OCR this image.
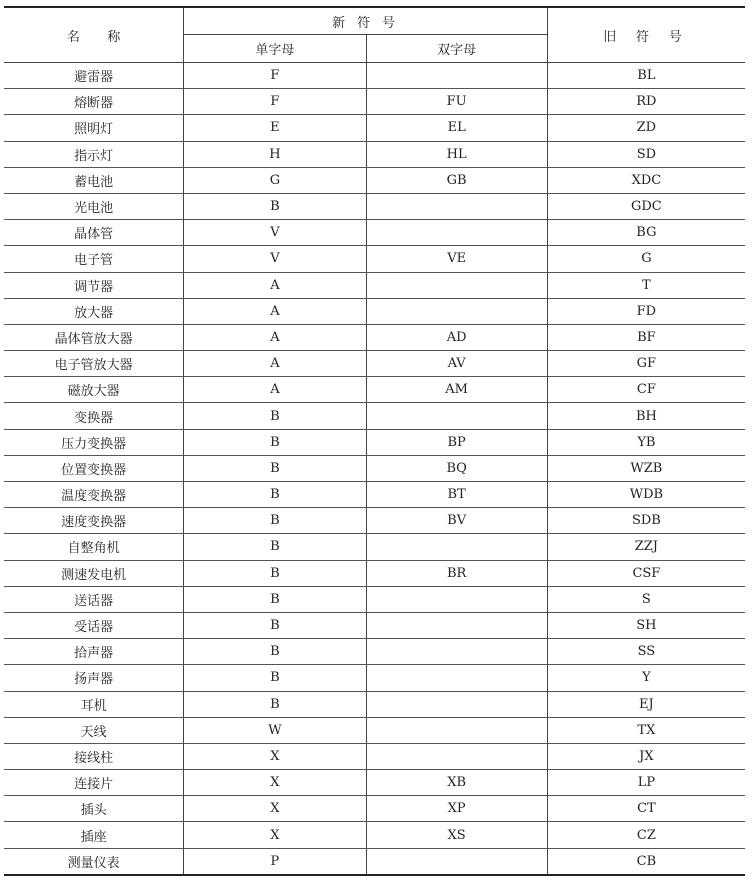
名 称	新 符 号		旧 符 号
	单字母	双字母	
避雷器	F		BL
熔断器	F	FU	RD
照明灯	E	EL	ZD
指示灯	H	HL	SD
蓄电池	G	GB	XDC
光电池	B		GDC
晶体管	V		BG
电子管	V	VE	G
调节器	A		T
放大器	A		FD
晶体管放大器	A	AD	BF
电子管放大器	A	AV	GF
磁放大器	A	AM	CF
变换器	B		BH
压力变换器	B	BP	YB
位置变换器	B	BQ	WZB
温度变换器	B	BT	WDB
速度变换器	B	BV	SDB
自整角机	B		ZZJ
测速发电机	B	BR	CSF
送话器	B		S
受话器	B		SH
拾声器	B		SS
扬声器	B		Y
耳机	B		EJ
天线	W		TX
接线柱	X		JX
连接片	X	XB	LP
插头	X	XP	CT
插座	X	XS	CZ
测量仪表	P		CB
